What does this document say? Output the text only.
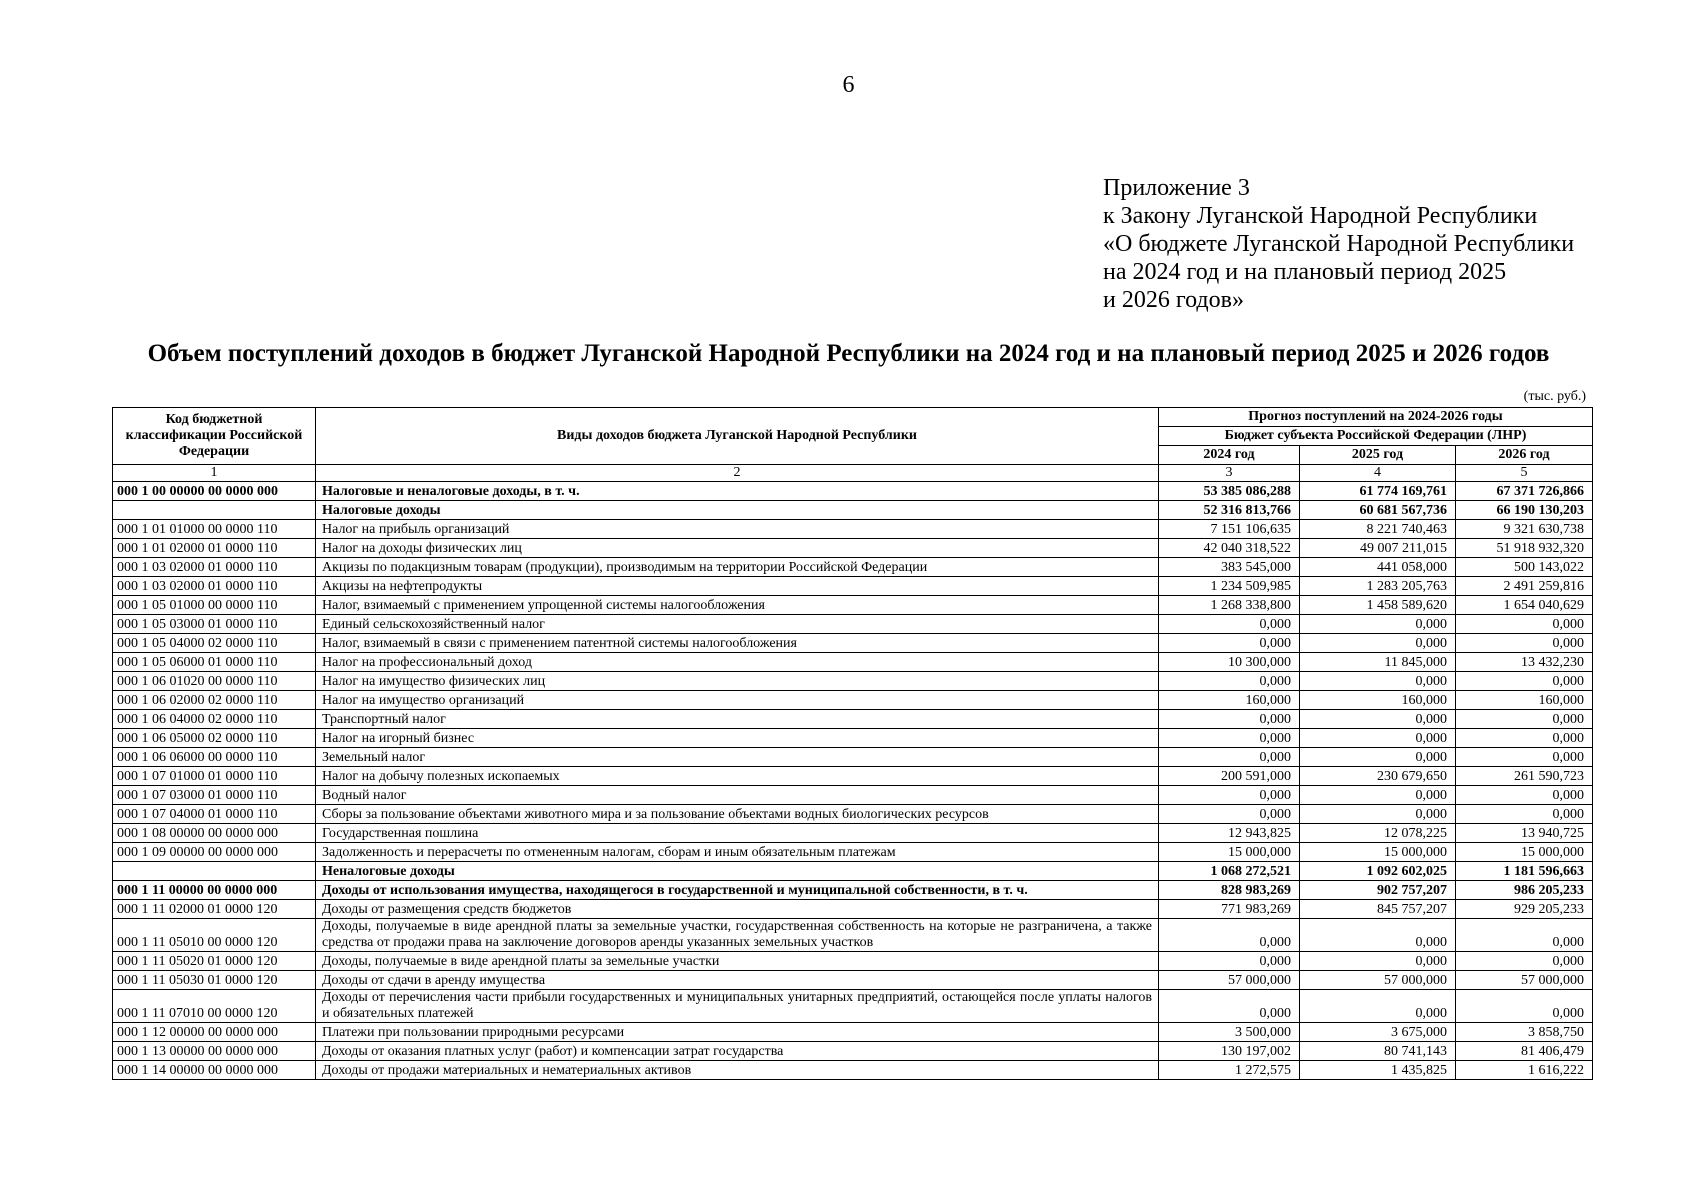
6
Приложение 3
к Закону Луганской Народной Республики
«О бюджете Луганской Народной Республики
на 2024 год и на плановый период 2025
и 2026 годов»
Объем поступлений доходов в бюджет Луганской Народной Республики на 2024 год и на плановый период 2025 и 2026 годов
(тыс. руб.)
Код бюджетной классификации Российской Федерации	Виды доходов бюджета Луганской Народной Республики	Прогноз поступлений на 2024-2026 годы		
		Бюджет субъекта Российской Федерации (ЛНР)		
		2024 год	2025 год	2026 год
1	2	3	4	5
000 1 00 00000 00 0000 000	Налоговые и неналоговые доходы, в т. ч.	53 385 086,288	61 774 169,761	67 371 726,866
	Налоговые доходы	52 316 813,766	60 681 567,736	66 190 130,203
000 1 01 01000 00 0000 110	Налог на прибыль организаций	7 151 106,635	8 221 740,463	9 321 630,738
000 1 01 02000 01 0000 110	Налог на доходы физических лиц	42 040 318,522	49 007 211,015	51 918 932,320
000 1 03 02000 01 0000 110	Акцизы по подакцизным товарам (продукции), производимым на территории Российской Федерации	383 545,000	441 058,000	500 143,022
000 1 03 02000 01 0000 110	Акцизы на нефтепродукты	1 234 509,985	1 283 205,763	2 491 259,816
000 1 05 01000 00 0000 110	Налог, взимаемый с применением упрощенной системы налогообложения	1 268 338,800	1 458 589,620	1 654 040,629
000 1 05 03000 01 0000 110	Единый сельскохозяйственный налог	0,000	0,000	0,000
000 1 05 04000 02 0000 110	Налог, взимаемый в связи с применением патентной системы налогообложения	0,000	0,000	0,000
000 1 05 06000 01 0000 110	Налог на профессиональный доход	10 300,000	11 845,000	13 432,230
000 1 06 01020 00 0000 110	Налог на имущество физических лиц	0,000	0,000	0,000
000 1 06 02000 02 0000 110	Налог на имущество организаций	160,000	160,000	160,000
000 1 06 04000 02 0000 110	Транспортный налог	0,000	0,000	0,000
000 1 06 05000 02 0000 110	Налог на игорный бизнес	0,000	0,000	0,000
000 1 06 06000 00 0000 110	Земельный налог	0,000	0,000	0,000
000 1 07 01000 01 0000 110	Налог на добычу полезных ископаемых	200 591,000	230 679,650	261 590,723
000 1 07 03000 01 0000 110	Водный налог	0,000	0,000	0,000
000 1 07 04000 01 0000 110	Сборы за пользование объектами животного мира и за пользование объектами водных биологических ресурсов	0,000	0,000	0,000
000 1 08 00000 00 0000 000	Государственная пошлина	12 943,825	12 078,225	13 940,725
000 1 09 00000 00 0000 000	Задолженность и перерасчеты по отмененным налогам, сборам и иным обязательным платежам	15 000,000	15 000,000	15 000,000
	Неналоговые доходы	1 068 272,521	1 092 602,025	1 181 596,663
000 1 11 00000 00 0000 000	Доходы от использования имущества, находящегося в государственной и муниципальной собственности, в т. ч.	828 983,269	902 757,207	986 205,233
000 1 11 02000 01 0000 120	Доходы от размещения средств бюджетов	771 983,269	845 757,207	929 205,233
000 1 11 05010 00 0000 120	Доходы, получаемые в виде арендной платы за земельные участки, государственная собственность на которые не разграничена, а также средства от продажи права на заключение договоров аренды указанных земельных участков	0,000	0,000	0,000
000 1 11 05020 01 0000 120	Доходы, получаемые в виде арендной платы за земельные участки	0,000	0,000	0,000
000 1 11 05030 01 0000 120	Доходы от сдачи в аренду имущества	57 000,000	57 000,000	57 000,000
000 1 11 07010 00 0000 120	Доходы от перечисления части прибыли государственных и муниципальных унитарных предприятий, остающейся после уплаты налогов и обязательных платежей	0,000	0,000	0,000
000 1 12 00000 00 0000 000	Платежи при пользовании природными ресурсами	3 500,000	3 675,000	3 858,750
000 1 13 00000 00 0000 000	Доходы от оказания платных услуг (работ) и компенсации затрат государства	130 197,002	80 741,143	81 406,479
000 1 14 00000 00 0000 000	Доходы от продажи материальных и нематериальных активов	1 272,575	1 435,825	1 616,222
